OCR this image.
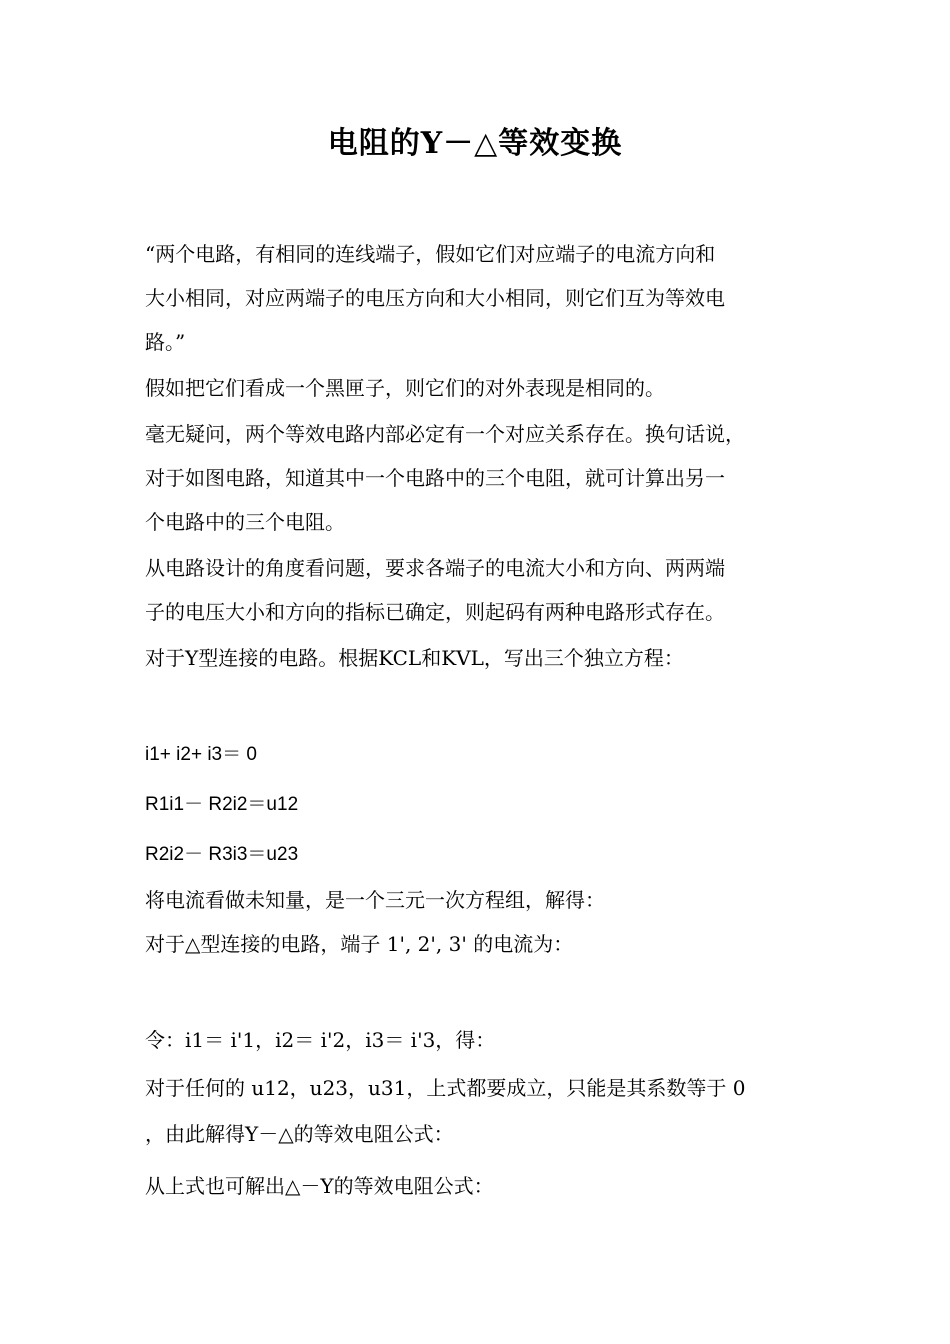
电阻的Y－△等效变换
“两个电路，有相同的连线端子，假如它们对应端子的电流方向和
大小相同，对应两端子的电压方向和大小相同，则它们互为等效电
路。”
假如把它们看成一个黑匣子，则它们的对外表现是相同的。
毫无疑问，两个等效电路内部必定有一个对应关系存在。换句话说，
对于如图电路，知道其中一个电路中的三个电阻，就可计算出另一
个电路中的三个电阻。
从电路设计的角度看问题，要求各端子的电流大小和方向、两两端
子的电压大小和方向的指标已确定，则起码有两种电路形式存在。
对于Y型连接的电路。根据KCL和KVL，写出三个独立方程：
i1+ i2+ i3＝ 0
R1i1－ R2i2＝u12
R2i2－ R3i3＝u23
将电流看做未知量，是一个三元一次方程组，解得：
对于△型连接的电路，端子 1', 2', 3' 的电流为：
令：i1＝ i'1，i2＝ i'2，i3＝ i'3，得：
对于任何的 u12，u23，u31，上式都要成立，只能是其系数等于 0
，由此解得Y－△的等效电阻公式：
从上式也可解出△－Y的等效电阻公式：
